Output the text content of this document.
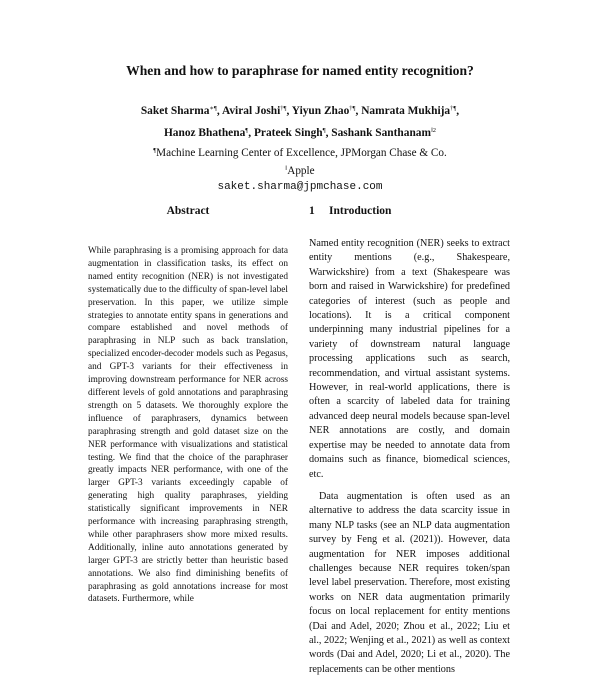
When and how to paraphrase for named entity recognition?
Saket Sharma∗¶, Aviral Joshi†¶, Yiyun Zhao†¶, Namrata Mukhija†¶,
Hanoz Bhathena¶, Prateek Singh¶, Sashank Santhanam$^{‖2}$
¶Machine Learning Center of Excellence, JPMorgan Chase & Co.
‖Apple
saket.sharma@jpmchase.com
Abstract

While paraphrasing is a promising approach for data augmentation in classification tasks, its effect on named entity recognition (NER) is not investigated systematically due to the difficulty of span-level label preservation. In this paper, we utilize simple strategies to annotate entity spans in generations and compare established and novel methods of paraphrasing in NLP such as back translation, specialized encoder-decoder models such as Pegasus, and GPT-3 variants for their effectiveness in improving downstream performance for NER across different levels of gold annotations and paraphrasing strength on 5 datasets. We thoroughly explore the influence of paraphrasers, dynamics between paraphrasing strength and gold dataset size on the NER performance with visualizations and statistical testing. We find that the choice of the paraphraser greatly impacts NER performance, with one of the larger GPT-3 variants exceedingly capable of generating high quality paraphrases, yielding statistically significant improvements in NER performance with increasing paraphrasing strength, while other paraphrasers show more mixed results. Additionally, inline auto annotations generated by larger GPT-3 are strictly better than heuristic based annotations. We also find diminishing benefits of paraphrasing as gold annotations increase for most datasets. Furthermore, while

1 Introduction

Named entity recognition (NER) seeks to extract entity mentions (e.g., Shakespeare, Warwickshire) from a text (Shakespeare was born and raised in Warwickshire) for predefined categories of interest (such as people and locations). It is a critical component underpinning many industrial pipelines for a variety of downstream natural language processing applications such as search, recommendation, and virtual assistant systems. However, in real-world applications, there is often a scarcity of labeled data for training advanced deep neural models because span-level NER annotations are costly, and domain expertise may be needed to annotate data from domains such as finance, biomedical sciences, etc.

Data augmentation is often used as an alternative to address the data scarcity issue in many NLP tasks (see an NLP data augmentation survey by Feng et al. (2021)). However, data augmentation for NER imposes additional challenges because NER requires token/span level label preservation. Therefore, most existing works on NER data augmentation primarily focus on local replacement for entity mentions (Dai and Adel, 2020; Zhou et al., 2022; Liu et al., 2022; Wenjing et al., 2021) as well as context words (Dai and Adel, 2020; Li et al., 2020). The replacements can be other mentions
